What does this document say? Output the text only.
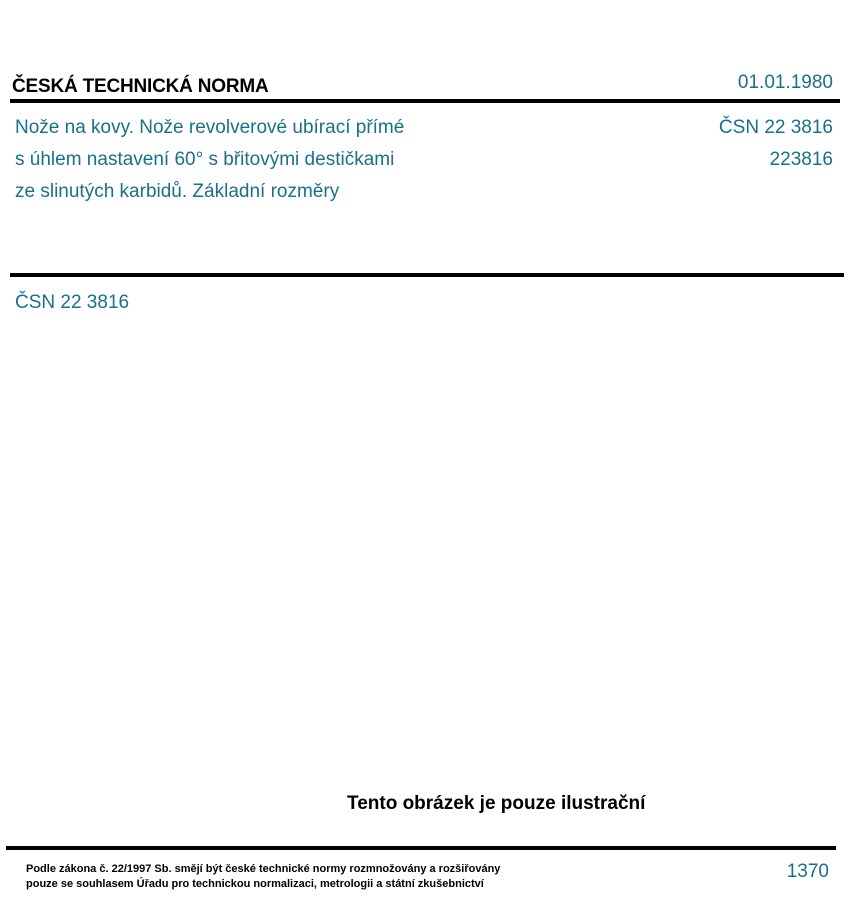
ČESKÁ TECHNICKÁ NORMA	01.01.1980
Nože na kovy. Nože revolverové ubírací přímé
s úhlem nastavení 60° s břitovými destičkami
ze slinutých karbidů. Základní rozměry
ČSN 22 3816
223816
ČSN 22 3816
Tento obrázek je pouze ilustrační
Podle zákona č. 22/1997 Sb. smějí být české technické normy rozmnožovány a rozšiřovány
pouze se souhlasem Úřadu pro technickou normalizaci, metrologii a státní zkušebnictví
1370
